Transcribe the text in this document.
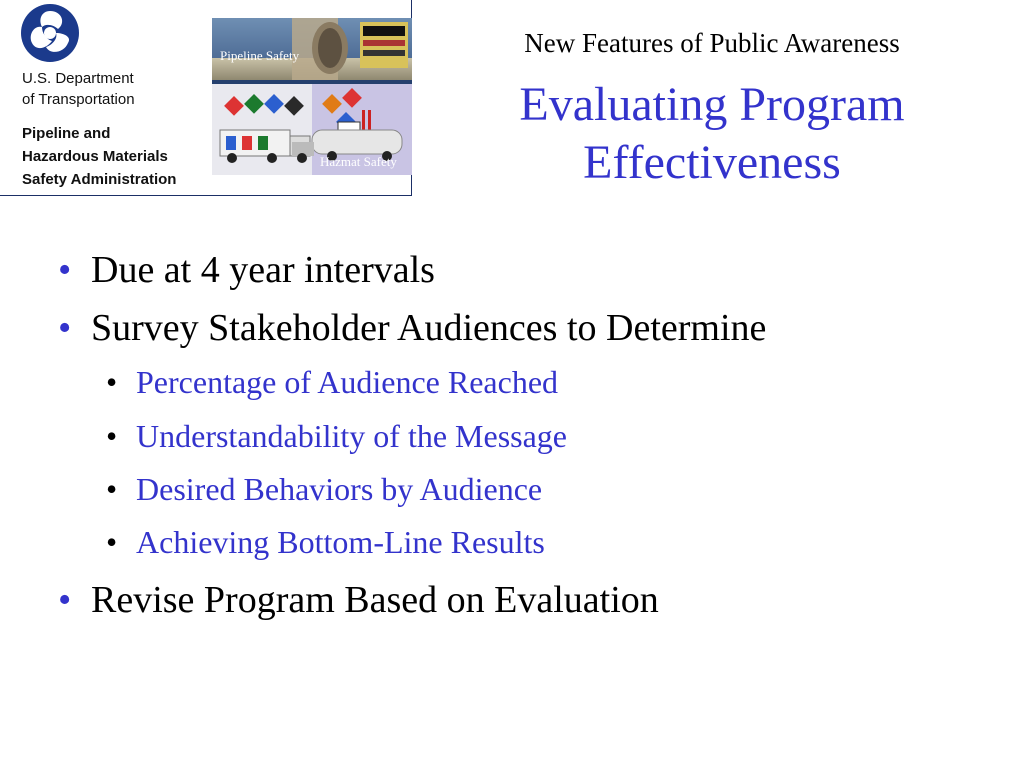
U.S. Department
of Transportation
Pipeline and
Hazardous Materials
Safety Administration
Pipeline Safety
Hazmat Safety
New Features of Public Awareness
Evaluating Program Effectiveness
• Due at 4 year intervals
• Survey Stakeholder Audiences to Determine
• Percentage of Audience Reached
• Understandability of the Message
• Desired Behaviors by Audience
• Achieving Bottom-Line Results
• Revise Program Based on Evaluation
